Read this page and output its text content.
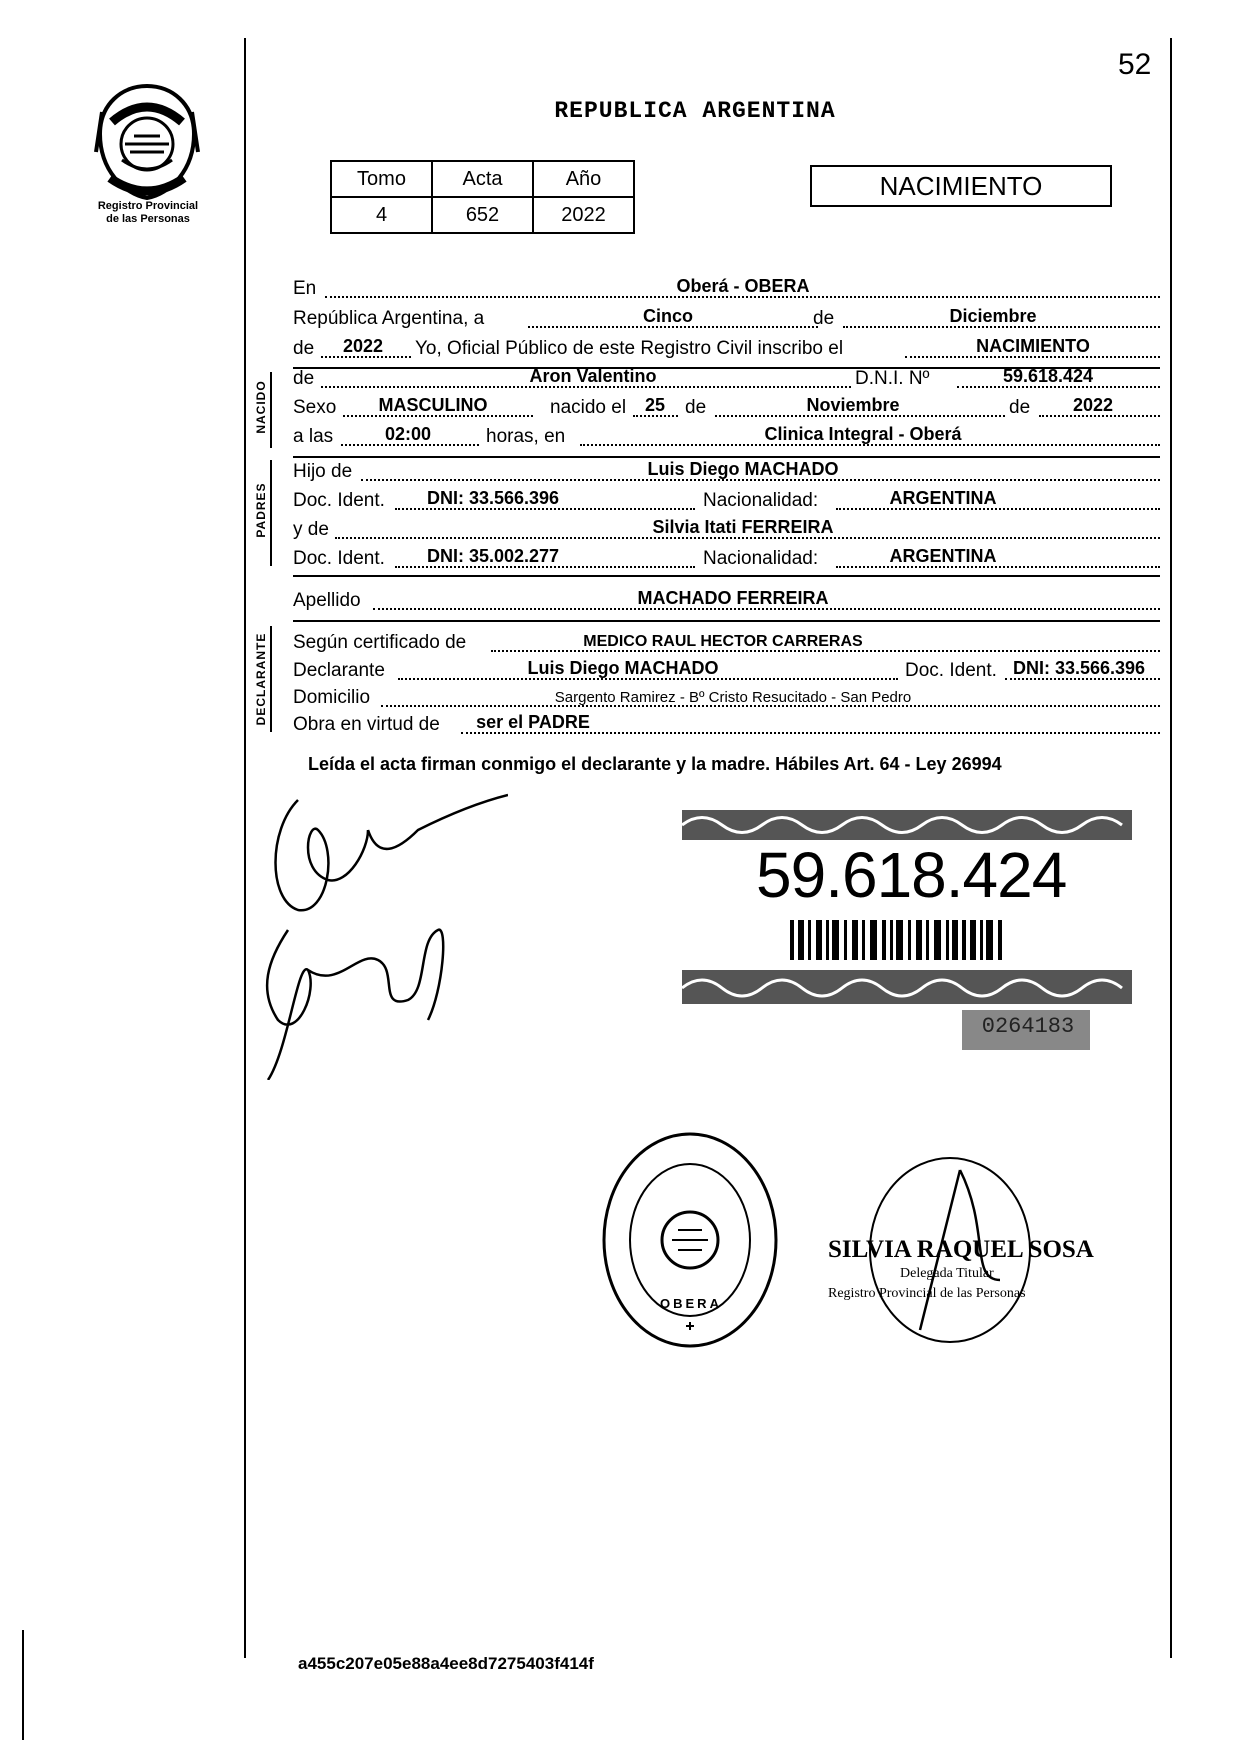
52
Registro Provincial
de las Personas
REPUBLICA ARGENTINA
Tomo	Acta	Año
4	652	2022
NACIMIENTO
En	Oberá - OBERA
República Argentina, a	Cinco	de	Diciembre
de	2022	Yo, Oficial Público de este Registro Civil inscribo el	NACIMIENTO
NACIDO
de	Aron Valentino	D.N.I. Nº	59.618.424
Sexo	MASCULINO	nacido el	25	de	Noviembre	de	2022
a las	02:00	horas, en	Clinica Integral - Oberá
PADRES
Hijo de	Luis Diego MACHADO
Doc. Ident.	DNI: 33.566.396	Nacionalidad:	ARGENTINA
y de	Silvia Itati FERREIRA
Doc. Ident.	DNI: 35.002.277	Nacionalidad:	ARGENTINA
Apellido	MACHADO FERREIRA
DECLARANTE Según certificado de	MEDICO RAUL HECTOR CARRERAS
Declarante	Luis Diego MACHADO	Doc. Ident. DNI: 33.566.396
Domicilio	Sargento Ramirez - Bº Cristo Resucitado - San Pedro
Obra en virtud de	ser el PADRE
Leída el acta firman conmigo el declarante y la madre. Hábiles Art. 64 - Ley 26994
59.618.424
0264183
OBERA
SILVIA RAQUEL SOSA
Delegada Titular
Registro Provincial de las Personas
a455c207e05e88a4ee8d7275403f414f
